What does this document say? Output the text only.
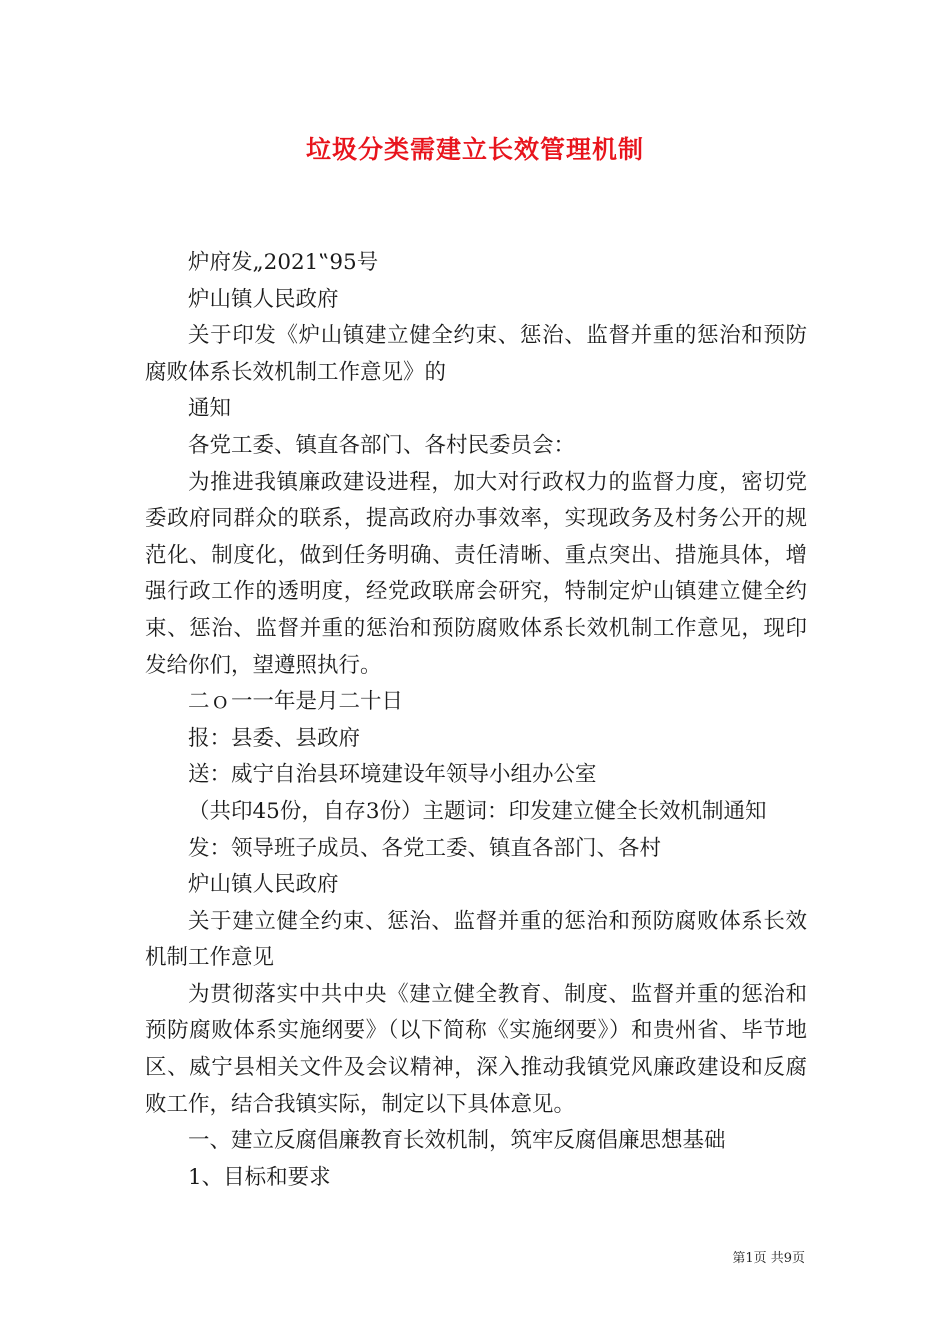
垃圾分类需建立长效管理机制

炉府发„2021‟95号

炉山镇人民政府

关于印发《炉山镇建立健全约束、惩治、监督并重的惩治和预防腐败体系长效机制工作意见》的

通知

各党工委、镇直各部门、各村民委员会：

为推进我镇廉政建设进程，加大对行政权力的监督力度，密切党委政府同群众的联系，提高政府办事效率，实现政务及村务公开的规范化、制度化，做到任务明确、责任清晰、重点突出、措施具体，增强行政工作的透明度，经党政联席会研究，特制定炉山镇建立健全约束、惩治、监督并重的惩治和预防腐败体系长效机制工作意见，现印发给你们，望遵照执行。

二ｏ一一年是月二十日

报：县委、县政府

送：威宁自治县环境建设年领导小组办公室

（共印45份，自存3份）主题词：印发建立健全长效机制通知

发：领导班子成员、各党工委、镇直各部门、各村

炉山镇人民政府

关于建立健全约束、惩治、监督并重的惩治和预防腐败体系长效机制工作意见

为贯彻落实中共中央《建立健全教育、制度、监督并重的惩治和预防腐败体系实施纲要》（以下简称《实施纲要》）和贵州省、毕节地区、威宁县相关文件及会议精神，深入推动我镇党风廉政建设和反腐败工作，结合我镇实际，制定以下具体意见。

一、建立反腐倡廉教育长效机制，筑牢反腐倡廉思想基础

1、目标和要求

第1页 共9页
